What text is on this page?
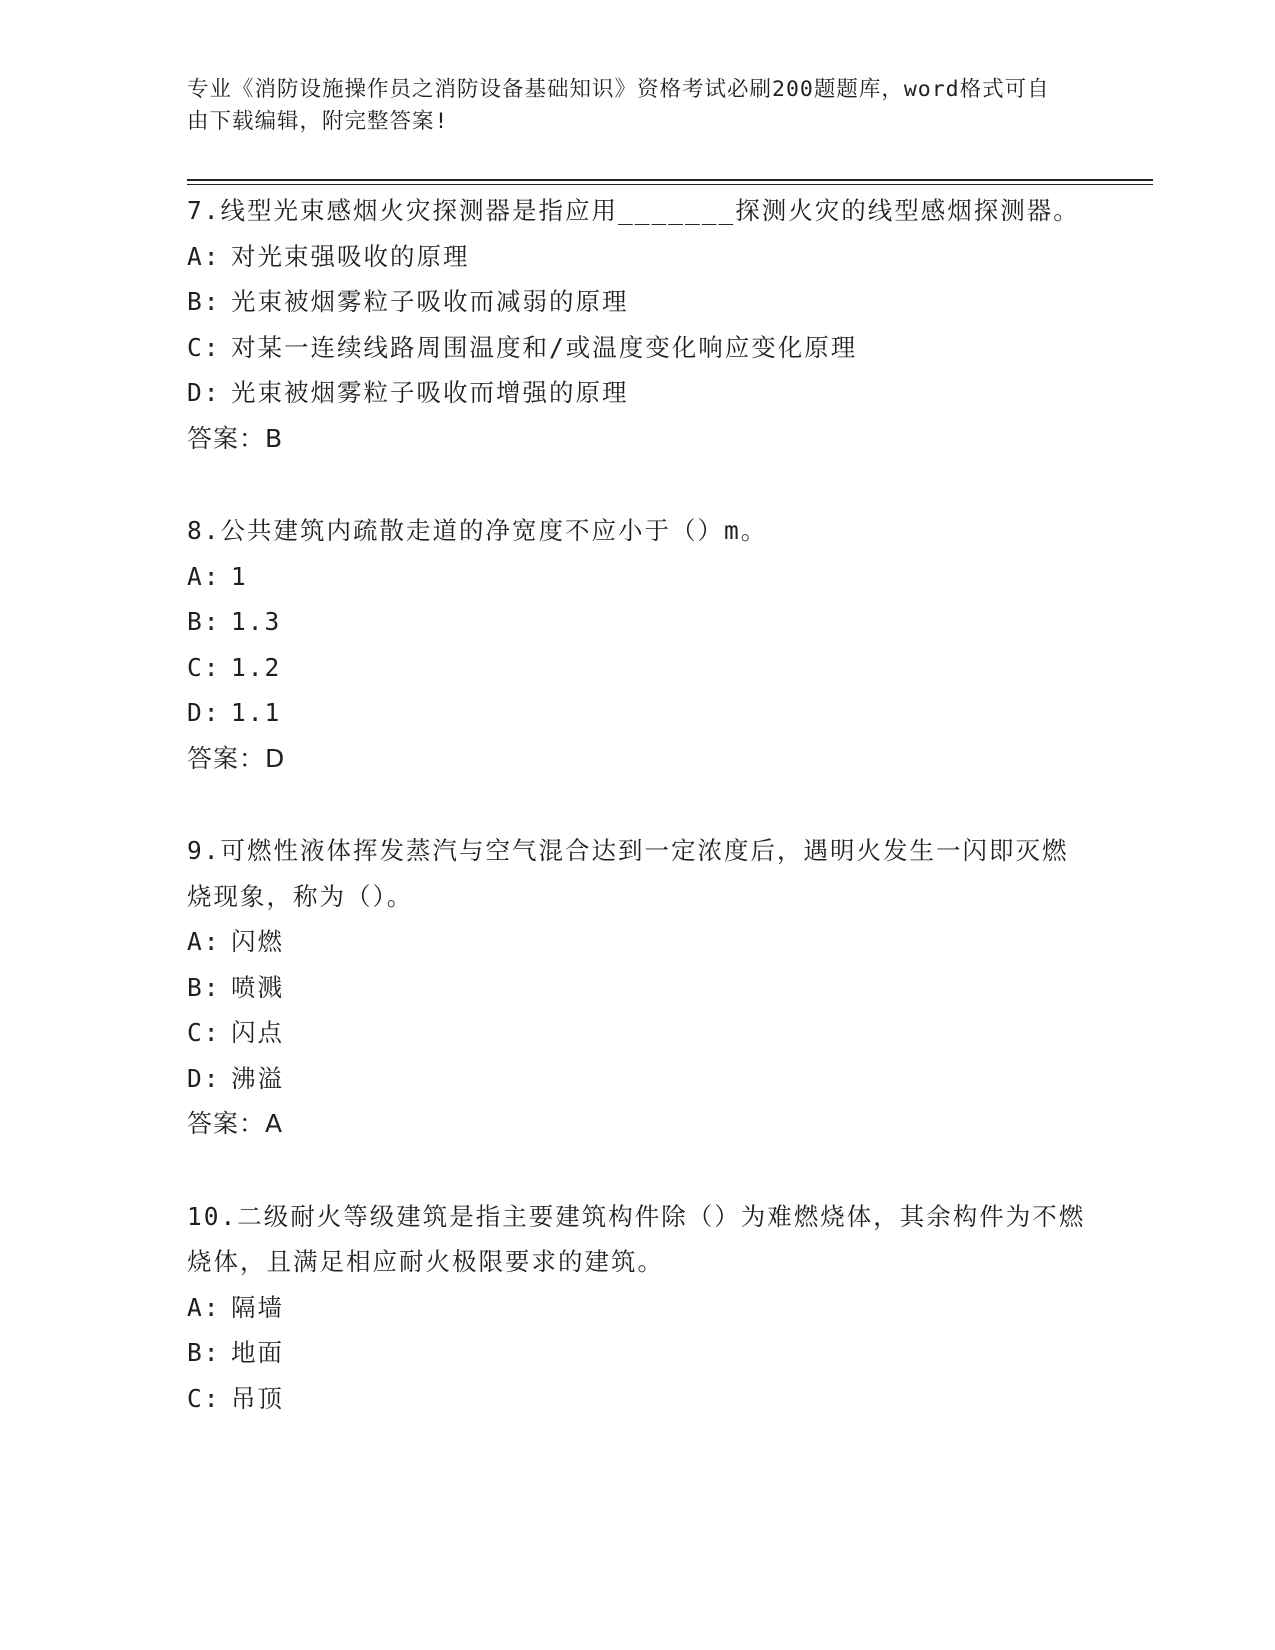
专业《消防设施操作员之消防设备基础知识》资格考试必刷200题题库，word格式可自由下载编辑，附完整答案!

7.线型光束感烟火灾探测器是指应用_______探测火灾的线型感烟探测器。

A: 对光束强吸收的原理

B: 光束被烟雾粒子吸收而减弱的原理

C: 对某一连续线路周围温度和/或温度变化响应变化原理

D: 光束被烟雾粒子吸收而增强的原理

答案：B

8.公共建筑内疏散走道的净宽度不应小于（）m。

A: 1

B: 1.3

C: 1.2

D: 1.1

答案：D

9.可燃性液体挥发蒸汽与空气混合达到一定浓度后，遇明火发生一闪即灭燃烧现象，称为（）。

A: 闪燃

B: 喷溅

C: 闪点

D: 沸溢

答案：A

10.二级耐火等级建筑是指主要建筑构件除（）为难燃烧体，其余构件为不燃烧体，且满足相应耐火极限要求的建筑。

A: 隔墙

B: 地面

C: 吊顶
